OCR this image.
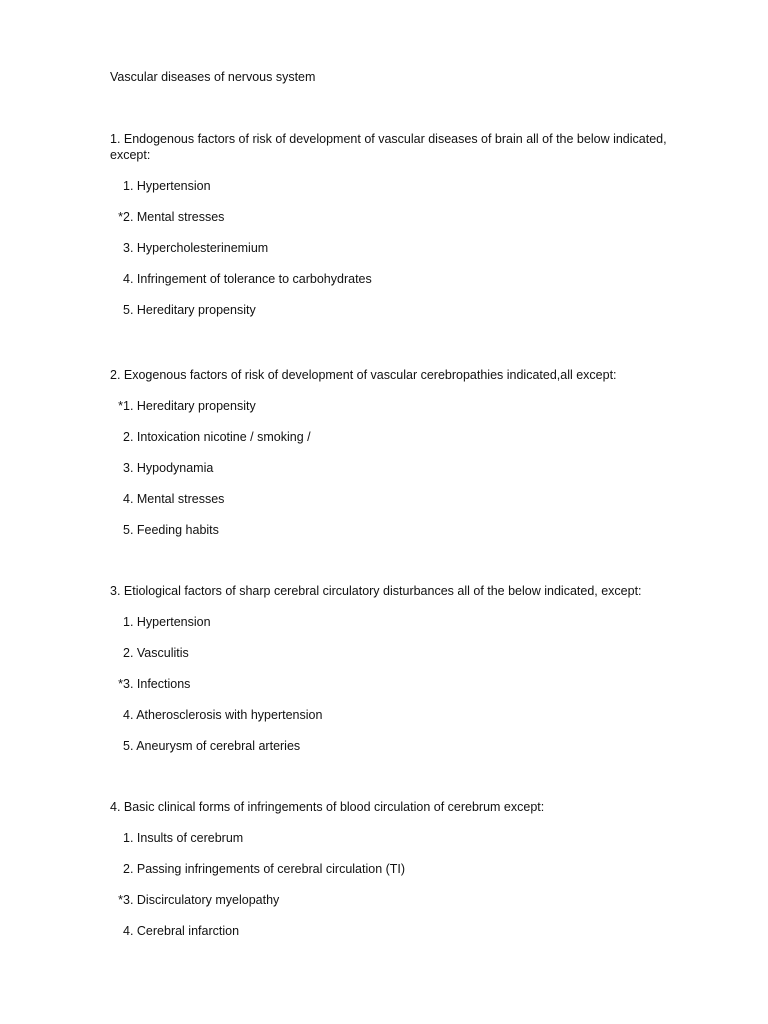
Vascular diseases of nervous system

1. Endogenous factors of risk of development of vascular diseases of brain all of the below indicated, except:

1. Hypertension
*2. Mental stresses
3. Hypercholesterinemium
4. Infringement of tolerance to carbohydrates
5. Hereditary propensity

2. Exogenous factors of risk of development of vascular cerebropathies indicated,all except:

*1. Hereditary propensity
2. Intoxication nicotine / smoking /
3. Hypodynamia
4. Mental stresses
5. Feeding habits

3. Etiological factors of sharp cerebral circulatory disturbances all of the below indicated, except:

1. Hypertension
2. Vasculitis
*3. Infections
4. Atherosclerosis with hypertension
5. Aneurysm of cerebral arteries

4. Basic clinical forms of infringements of blood circulation of cerebrum except:

1. Insults of cerebrum
2. Passing infringements of cerebral circulation (TI)
*3. Discirculatory myelopathy
4. Cerebral infarction
